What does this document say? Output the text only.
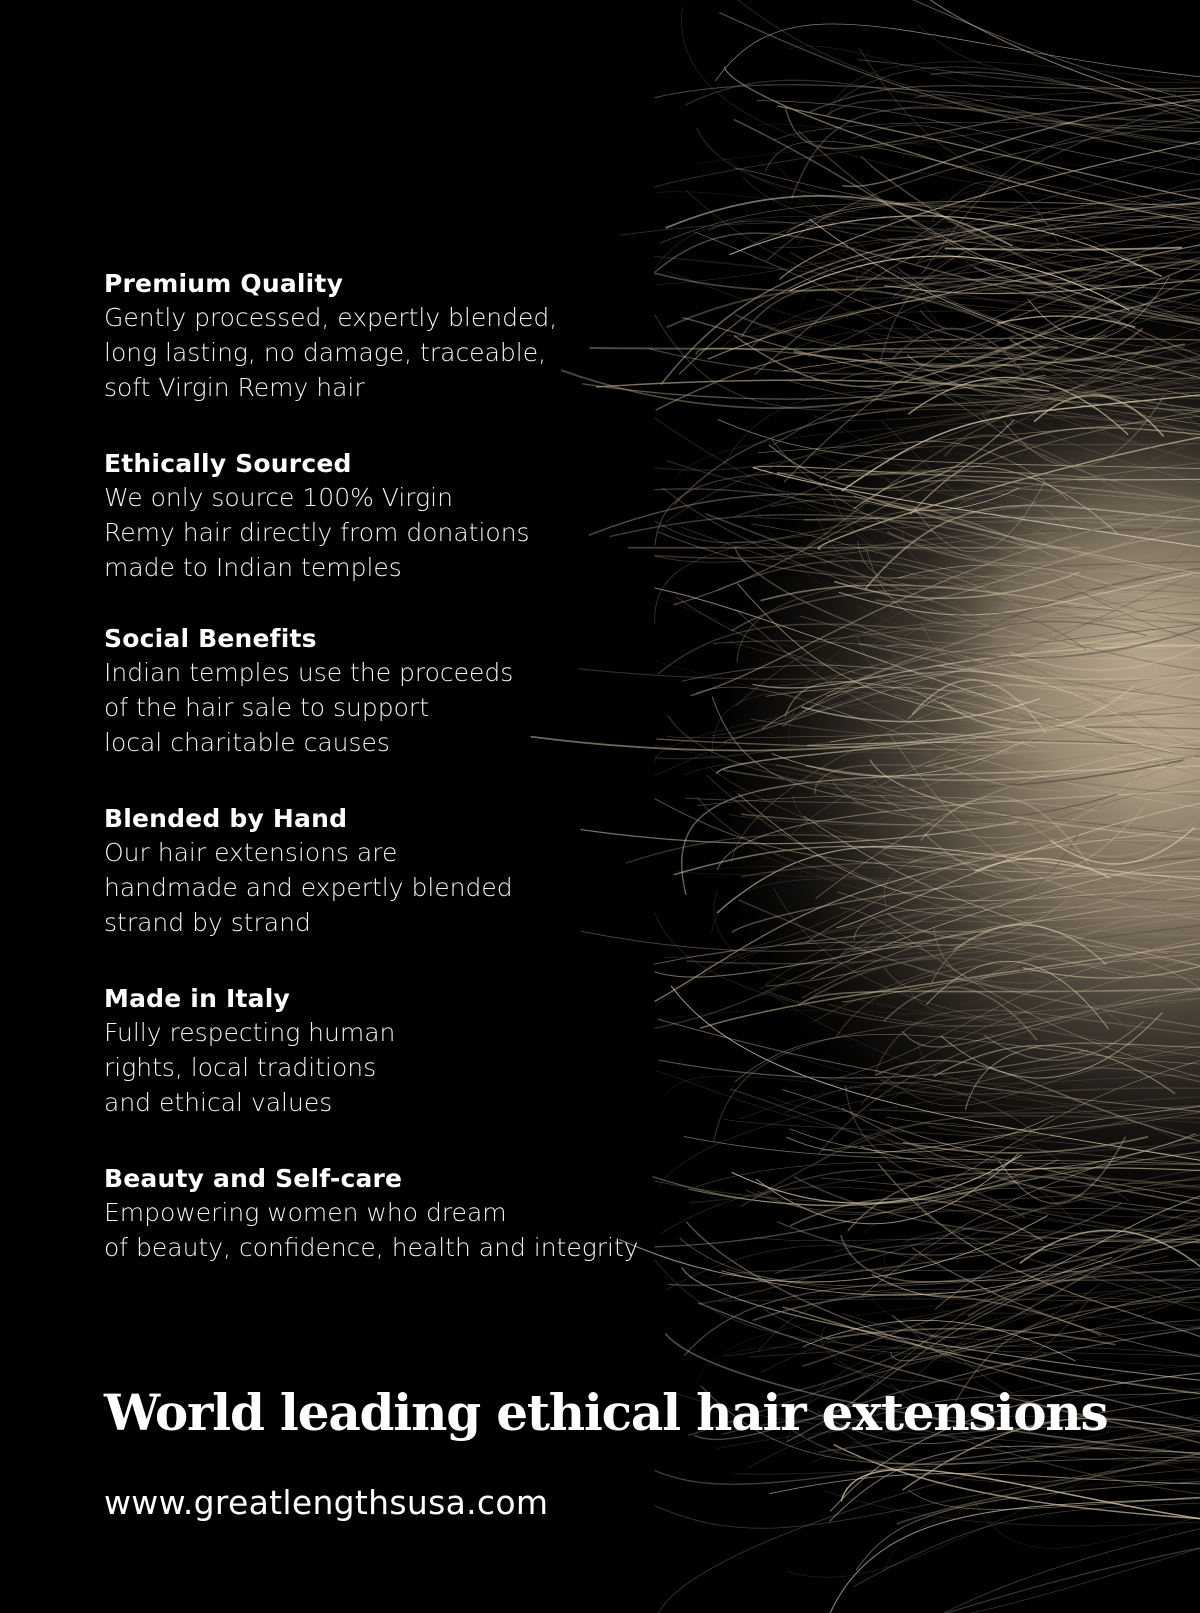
Premium Quality
Gently processed, expertly blended,
long lasting, no damage, traceable,
soft Virgin Remy hair
Ethically Sourced
We only source 100% Virgin
Remy hair directly from donations
made to Indian temples
Social Benefits
Indian temples use the proceeds
of the hair sale to support
local charitable causes
Blended by Hand
Our hair extensions are
handmade and expertly blended
strand by strand
Made in Italy
Fully respecting human
rights, local traditions
and ethical values
Beauty and Self-care
Empowering women who dream
of beauty, confidence, health and integrity
World leading ethical hair extensions
www.greatlengthsusa.com
